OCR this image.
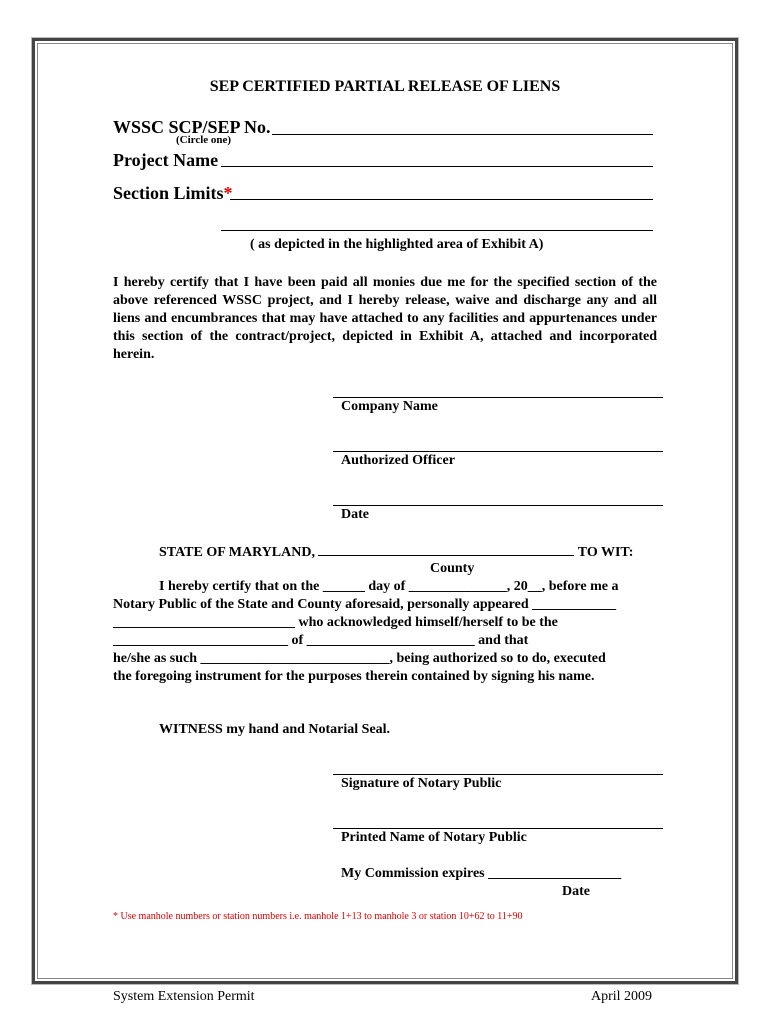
SEP CERTIFIED PARTIAL RELEASE OF LIENS
WSSC SCP/SEP No.
(Circle one)
Project Name
Section Limits*
( as depicted in the highlighted area of Exhibit A)
I hereby certify that I have been paid all monies due me for the specified section of the above referenced WSSC project, and I hereby release, waive and discharge any and all liens and encumbrances that may have attached to any facilities and appurtenances under this section of the contract/project, depicted in Exhibit A, attached and incorporated herein.
Company Name
Authorized Officer
Date
STATE OF MARYLAND,	TO WIT:
County
I hereby certify that on the ______ day of ______________, 20__, before me a
Notary Public of the State and County aforesaid, personally appeared ____________
__________________________ who acknowledged himself/herself to be the
_________________________ of ________________________ and that
he/she as such ___________________________, being authorized so to do, executed
the foregoing instrument for the purposes therein contained by signing his name.
WITNESS my hand and Notarial Seal.
Signature of Notary Public
Printed Name of Notary Public
My Commission expires ___________________
Date
* Use manhole numbers or station numbers i.e. manhole 1+13 to manhole 3 or station 10+62 to 11+90
System Extension Permit	April 2009
